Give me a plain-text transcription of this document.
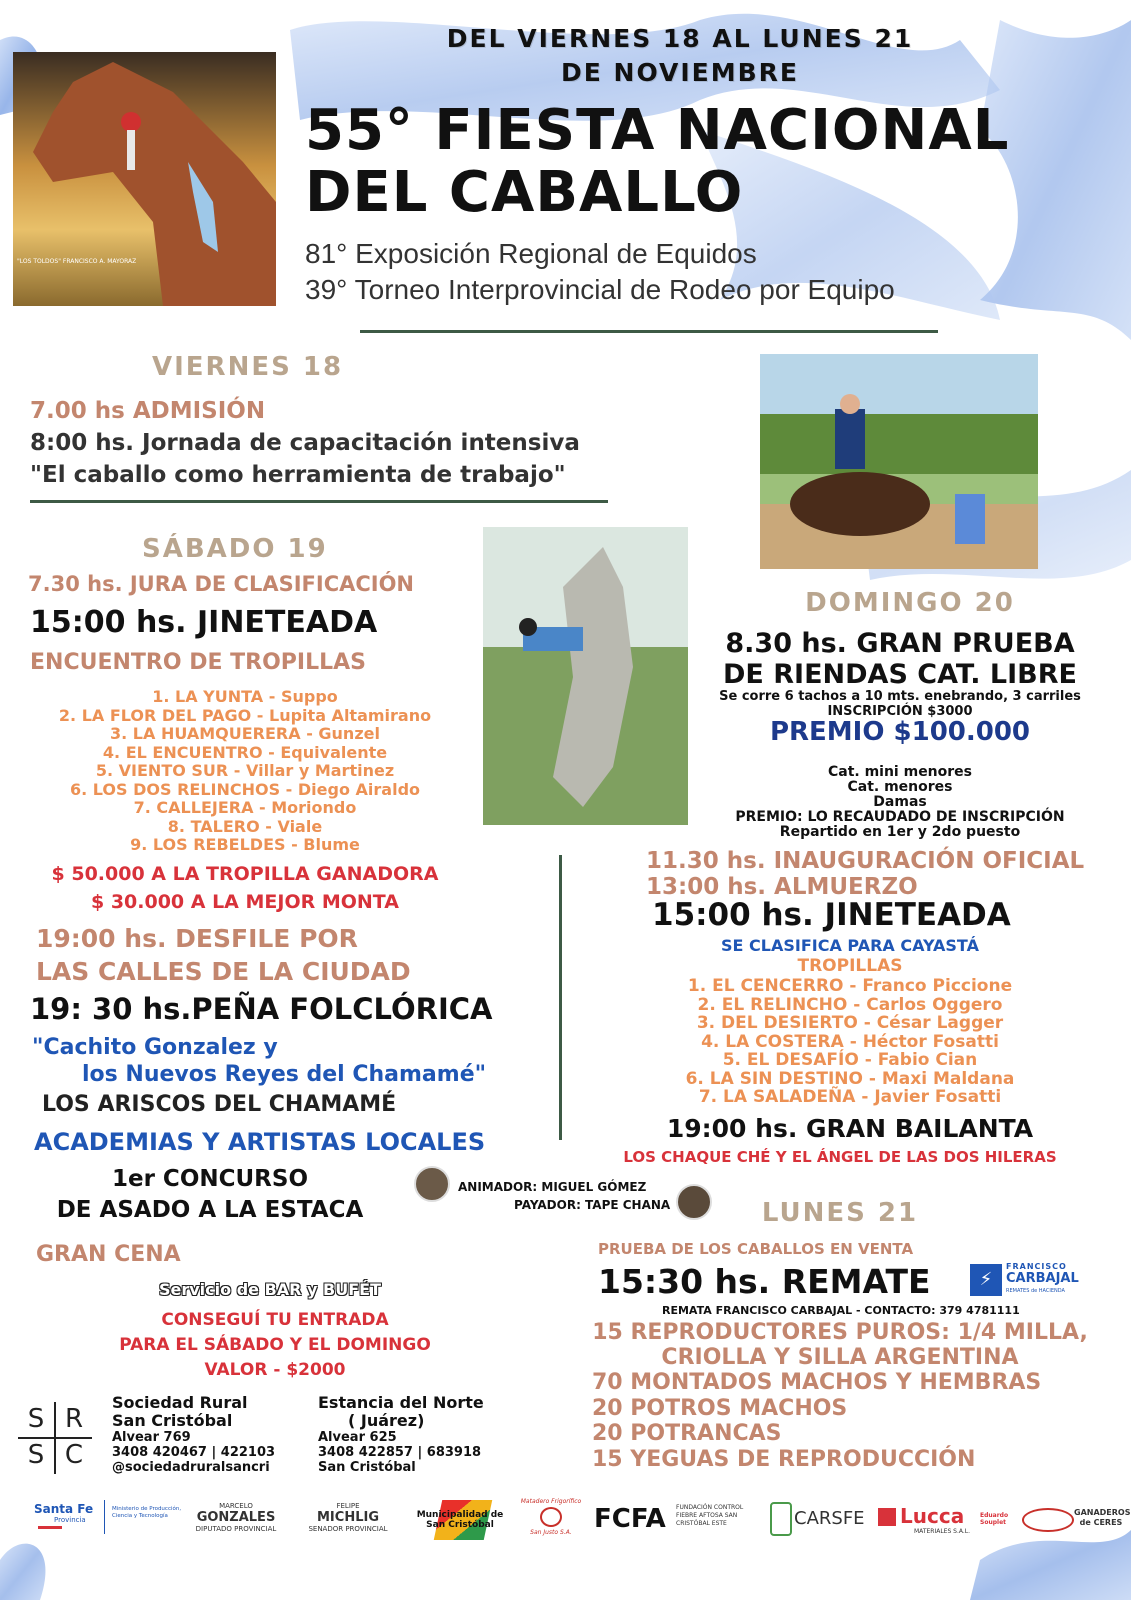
"LOS TOLDOS" FRANCISCO A. MAYORAZ
DEL VIERNES 18 AL LUNES 21
DE NOVIEMBRE
55° FIESTA NACIONAL
DEL CABALLO
81° Exposición Regional de Equidos
39° Torneo Interprovincial de Rodeo por Equipo
VIERNES 18
7.00 hs ADMISIÓN
8:00 hs. Jornada de capacitación intensiva
"El caballo como herramienta de trabajo"
SÁBADO 19
7.30 hs. JURA DE CLASIFICACIÓN
15:00 hs. JINETEADA
ENCUENTRO DE TROPILLAS
1. LA YUNTA - Suppo
2. LA FLOR DEL PAGO - Lupita Altamirano
3. LA HUAMQUERERA - Gunzel
4. EL ENCUENTRO - Equivalente
5. VIENTO SUR - Villar y Martinez
6. LOS DOS RELINCHOS - Diego Airaldo
7. CALLEJERA - Moriondo
8. TALERO - Viale
9. LOS REBELDES - Blume
$ 50.000 A LA TROPILLA GANADORA
$ 30.000 A LA MEJOR MONTA
19:00 hs. DESFILE POR
LAS CALLES DE LA CIUDAD
19: 30 hs.PEÑA FOLCLÓRICA
"Cachito Gonzalez y
los Nuevos Reyes del Chamamé"
LOS ARISCOS DEL CHAMAMÉ
ACADEMIAS Y ARTISTAS LOCALES
1er CONCURSO
DE ASADO A LA ESTACA
ANIMADOR: MIGUEL GÓMEZ
PAYADOR: TAPE CHANA
GRAN CENA
Servicio de BAR y BUFÉT
CONSEGUÍ TU ENTRADA
PARA EL SÁBADO Y EL DOMINGO
VALOR - $2000
DOMINGO 20
8.30 hs. GRAN PRUEBA
DE RIENDAS CAT. LIBRE
Se corre 6 tachos a 10 mts. enebrando, 3 carriles
INSCRIPCIÓN $3000
PREMIO $100.000
Cat. mini menores
Cat. menores
Damas
PREMIO: LO RECAUDADO DE INSCRIPCIÓN
Repartido en 1er y 2do puesto
11.30 hs. INAUGURACIÓN OFICIAL
13:00 hs. ALMUERZO
15:00 hs. JINETEADA
SE CLASIFICA PARA CAYASTÁ
TROPILLAS
1. EL CENCERRO - Franco Piccione
2. EL RELINCHO - Carlos Oggero
3. DEL DESIERTO - César Lagger
4. LA COSTERA - Héctor Fosatti
5. EL DESAFÍO - Fabio Cian
6. LA SIN DESTINO - Maxi Maldana
7. LA SALADEÑA - Javier Fosatti
19:00 hs. GRAN BAILANTA
LOS CHAQUE CHÉ Y EL ÁNGEL DE LAS DOS HILERAS
LUNES 21
PRUEBA DE LOS CABALLOS EN VENTA
15:30 hs. REMATE	⚡
FRANCISCO
CARBAJAL
REMATES de HACIENDA
REMATA FRANCISCO CARBAJAL - CONTACTO: 379 4781111
15 REPRODUCTORES PUROS: 1/4 MILLA,
CRIOLLA Y SILLA ARGENTINA
70 MONTADOS MACHOS Y HEMBRAS
20 POTROS MACHOS
20 POTRANCAS
15 YEGUAS DE REPRODUCCIÓN
S R
S C
Sociedad Rural
San Cristóbal
Alvear 769
3408 420467 | 422103
@sociedadruralsancri
Estancia del Norte
( Juárez)
Alvear 625
3408 422857 | 683918
San Cristóbal
Santa Fe
Provincia
Ministerio de Producción, Ciencia y Tecnología
MARCELO
GONZALES
DIPUTADO PROVINCIAL
FELIPE
MICHLIG
SENADOR PROVINCIAL
Municipalidad de San Cristóbal
Matadero Frigorífico
San Justo S.A. FCFA FUNDACIÓN CONTROL FIEBRE AFTOSA SAN CRISTÓBAL ESTE	CARSFE Lucca
MATERIALES S.A.L.
Eduardo Souplet
GANADEROS de CERES
